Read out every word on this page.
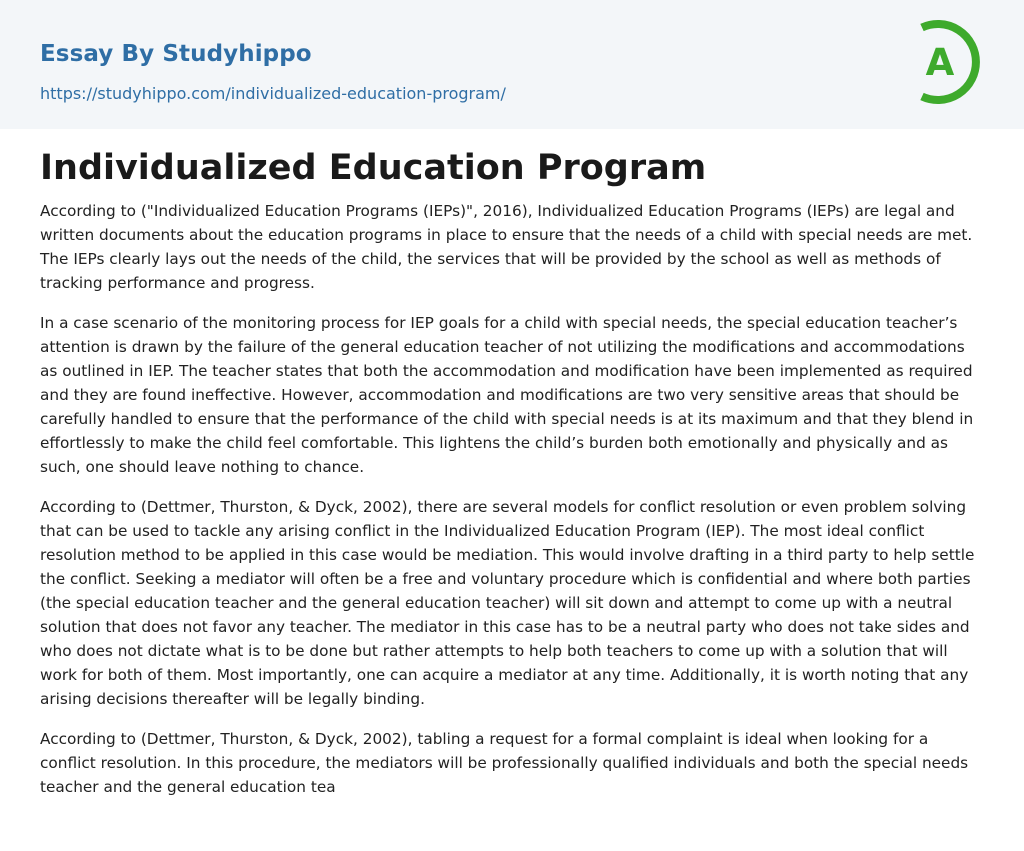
Essay By Studyhippo
https://studyhippo.com/individualized-education-program/
A
Individualized Education Program

According to ("Individualized Education Programs (IEPs)", 2016), Individualized Education Programs (IEPs) are legal and written documents about the education programs in place to ensure that the needs of a child with special needs are met. The IEPs clearly lays out the needs of the child, the services that will be provided by the school as well as methods of tracking performance and progress.

In a case scenario of the monitoring process for IEP goals for a child with special needs, the special education teacher’s attention is drawn by the failure of the general education teacher of not utilizing the modifications and accommodations as outlined in IEP. The teacher states that both the accommodation and modification have been implemented as required and they are found ineffective. However, accommodation and modifications are two very sensitive areas that should be carefully handled to ensure that the performance of the child with special needs is at its maximum and that they blend in effortlessly to make the child feel comfortable. This lightens the child’s burden both emotionally and physically and as such, one should leave nothing to chance.

According to (Dettmer, Thurston, & Dyck, 2002), there are several models for conflict resolution or even problem solving that can be used to tackle any arising conflict in the Individualized Education Program (IEP). The most ideal conflict resolution method to be applied in this case would be mediation. This would involve drafting in a third party to help settle the conflict. Seeking a mediator will often be a free and voluntary procedure which is confidential and where both parties (the special education teacher and the general education teacher) will sit down and attempt to come up with a neutral solution that does not favor any teacher. The mediator in this case has to be a neutral party who does not take sides and who does not dictate what is to be done but rather attempts to help both teachers to come up with a solution that will work for both of them. Most importantly, one can acquire a mediator at any time. Additionally, it is worth noting that any arising decisions thereafter will be legally binding.

According to (Dettmer, Thurston, & Dyck, 2002), tabling a request for a formal complaint is ideal when looking for a conflict resolution. In this procedure, the mediators will be professionally qualified individuals and both the special needs teacher and the general education tea
